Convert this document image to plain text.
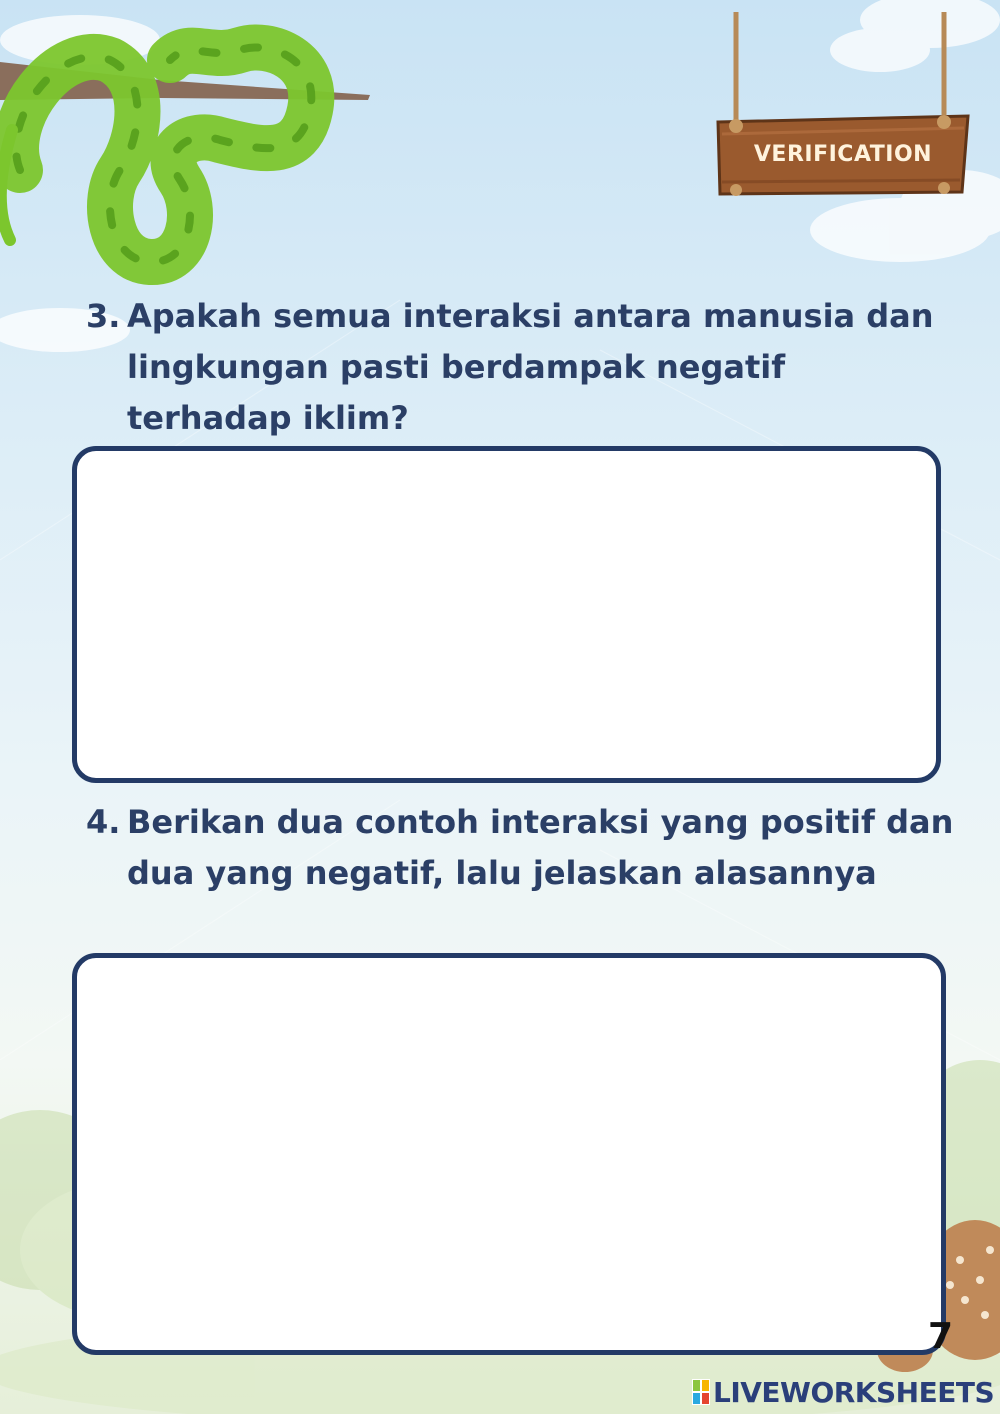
VERIFICATION
3. Apakah semua interaksi antara manusia dan lingkungan pasti berdampak negatif terhadap iklim?
4. Berikan dua contoh interaksi yang positif dan dua yang negatif, lalu jelaskan alasannya
7
LIVEWORKSHEETS
